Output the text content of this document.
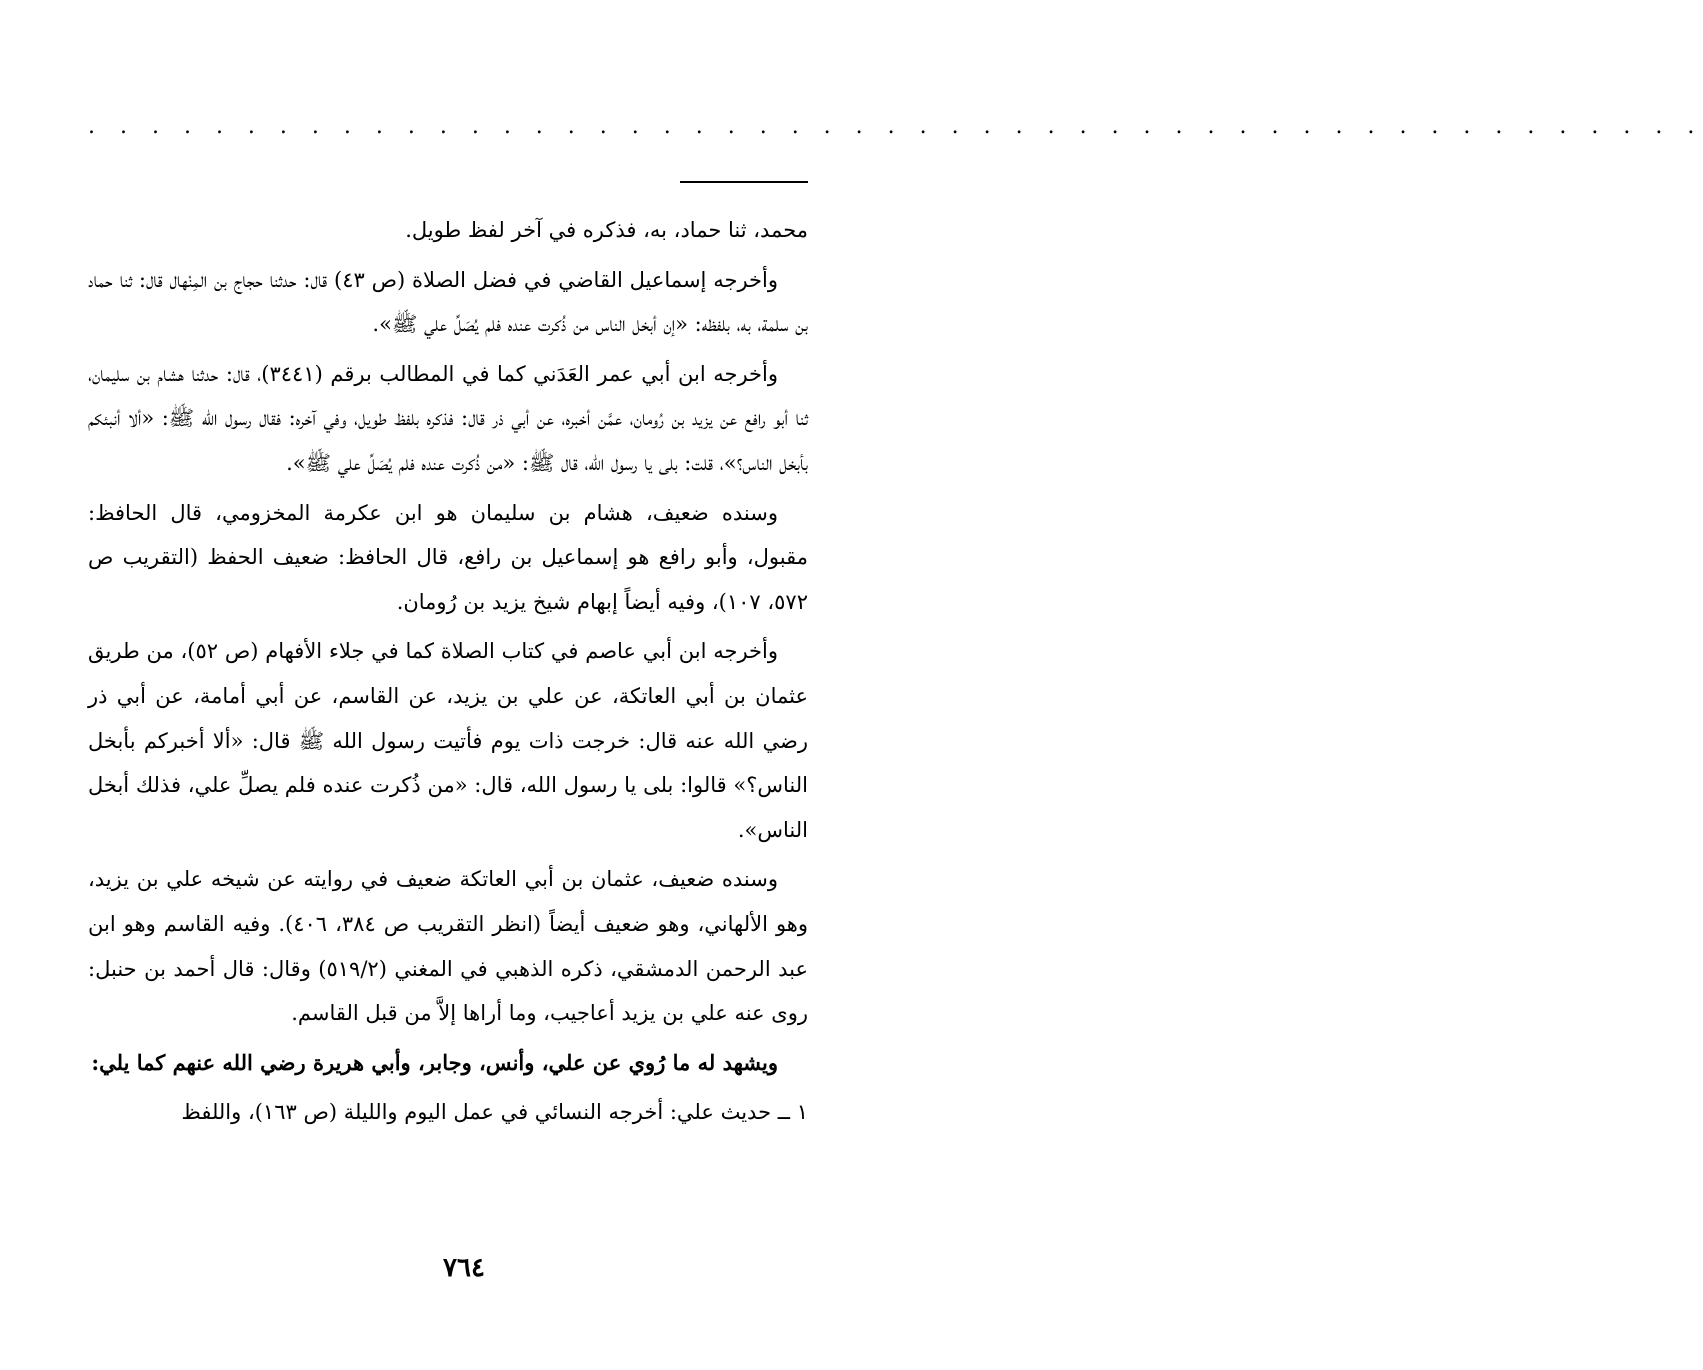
. . . . . . . . . . . . . . . . . . . . . . . . . . . . . . . . . . . . . . . . . . . . . . . . . . .

محمد، ثنا حماد، به، فذكره في آخر لفظ طويل.

وأخرجه إسماعيل القاضي في فضل الصلاة (ص ٤٣) قال: حدثنا حجاج بن المِنْهال قال: ثنا حماد بن سلمة، به، بلفظه: «إن أبخل الناس من ذُكرت عنده فلم يُصَلِّ علي ﷺ».

وأخرجه ابن أبي عمر العَدَني كما في المطالب برقم (٣٤٤١)، قال: حدثنا هشام بن سليمان، ثنا أبو رافع عن يزيد بن رُومان، عمَّن أخبره، عن أبي ذر قال: فذكره بلفظ طويل، وفي آخره: فقال رسول الله ﷺ: «ألا أنبئكم بأبخل الناس؟»، قلت: بلى يا رسول الله، قال ﷺ: «من ذُكرت عنده فلم يُصَلِّ علي ﷺ».

وسنده ضعيف، هشام بن سليمان هو ابن عكرمة المخزومي، قال الحافظ: مقبول، وأبو رافع هو إسماعيل بن رافع، قال الحافظ: ضعيف الحفظ (التقريب ص ٥٧٢، ١٠٧)، وفيه أيضاً إبهام شيخ يزيد بن رُومان.

وأخرجه ابن أبي عاصم في كتاب الصلاة كما في جلاء الأفهام (ص ٥٢)، من طريق عثمان بن أبي العاتكة، عن علي بن يزيد، عن القاسم، عن أبي أمامة، عن أبي ذر رضي الله عنه قال: خرجت ذات يوم فأتيت رسول الله ﷺ قال: «ألا أخبركم بأبخل الناس؟» قالوا: بلى يا رسول الله، قال: «من ذُكرت عنده فلم يصلِّ علي، فذلك أبخل الناس».

وسنده ضعيف، عثمان بن أبي العاتكة ضعيف في روايته عن شيخه علي بن يزيد، وهو الألهاني، وهو ضعيف أيضاً (انظر التقريب ص ٣٨٤، ٤٠٦). وفيه القاسم وهو ابن عبد الرحمن الدمشقي، ذكره الذهبي في المغني (٥١٩/٢) وقال: قال أحمد بن حنبل: روى عنه علي بن يزيد أعاجيب، وما أراها إلاَّ من قبل القاسم.

ويشهد له ما رُوي عن علي، وأنس، وجابر، وأبي هريرة رضي الله عنهم كما يلي:

١ ــ حديث علي: أخرجه النسائي في عمل اليوم والليلة (ص ١٦٣)، واللفظ

٧٦٤
